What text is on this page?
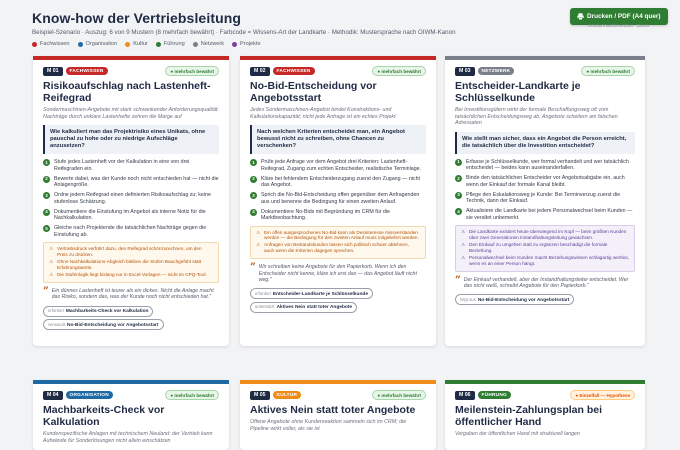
Know-how der Vertriebsleitung
Beispiel-Szenario · Auszug: 6 von 9 Mustern (8 mehrfach bewährt) · Farbcode = Wissens-Art der Landkarte · Methodik: Mustersprache nach OIWM-Kanon
Fachwissen	Organisation	Kultur	Führung	Netzwerk	Projekte
Drucken / PDF (A4 quer)
Sondermaschinenbau · Demo
M 01	FACHWISSEN	● mehrfach bewährt
Risikoaufschlag nach Lastenheft-Reifegrad
Sondermaschinen-Angebote mit stark schwankender Anforderungsqualität: Nachträge durch unklare Lastenhefte zehren die Marge auf
Wie kalkuliert man das Projektrisiko eines Unikats, ohne pauschal zu hohe oder zu niedrige Aufschläge anzusetzen?
1	Stufe jedes Lastenheft vor der Kalkulation in eine von drei Reifegraden ein.
2	Bewerte dabei, was der Kunde noch nicht entschieden hat — nicht die Anlagengröße.
3	Ordne jedem Reifegrad einen definierten Risikoaufschlag zu; keine stufenlose Schätzung.
4	Dokumentiere die Einstufung im Angebot als interne Notiz für die Nachkalkulation.
5	Gleiche nach Projektende die tatsächlichen Nachträge gegen die Einstufung ab.
⚠ Vertriebsdruck verführt dazu, den Reifegrad schönzurechnen, um den Preis zu drücken.
⚠ Ohne Nachkalkulations-Abgleich bleiben die Stufen Bauchgefühl statt Erfahrungswerte.
⚠ Die Stufenlogik liegt bislang nur in Excel-Vorlagen — nicht im CPQ-Tool.
” Ein dünnes Lastenheft ist teurer als ein dickes. Nicht die Anlage macht das Risiko, sondern das, was der Kunde noch nicht entschieden hat."
erfordert Machbarkeits-Check vor Kalkulation
verwandt No-Bid-Entscheidung vor Angebotsstart
M 02	FACHWISSEN	● mehrfach bewährt
No-Bid-Entscheidung vor Angebotsstart
Jedes Sondermaschinen-Angebot bindet Konstruktions- und Kalkulationskapazität; nicht jede Anfrage ist ein echtes Projekt
Nach welchen Kriterien entscheidet man, ein Angebot bewusst nicht zu schreiben, ohne Chancen zu verschenken?
1	Prüfe jede Anfrage vor dem Angebot drei Kriterien: Lastenheft-Reifegrad, Zugang zum echten Entscheider, realistische Terminlage.
2	Kläre bei fehlendem Entscheiderzugang zuerst den Zugang — nicht das Angebot.
3	Sprich die No-Bid-Entscheidung offen gegenüber dem Anfragenden aus und benenne die Bedingung für einen zweiten Anlauf.
4	Dokumentiere No-Bids mit Begründung im CRM für die Marktbeobachtung.
⚠ Ein offen ausgesprochenes No-Bid kann als Desinteresse missverstanden werden — die Bedingung für den zweiten Anlauf muss mitgeliefert werden.
⚠ Anfragen von Bestandskunden lassen sich politisch schwer ablehnen, auch wenn die Kriterien dagegen sprechen.
” Wir schreiben keine Angebote für den Papierkorb. Wenn ich den Entscheider nicht kenne, kläre ich erst das — das Angebot läuft nicht weg."
erfordert Entscheider-Landkarte je Schlüsselkunde
unterstützt Aktives Nein statt toter Angebote
M 03	NETZWERK	● mehrfach bewährt
Entscheider-Landkarte je Schlüsselkunde
Bei Investitionsgütern wirkt der formale Beschaffungsweg oft vom tatsächlichen Entscheidungsweg ab; Angebote scheitern am falschen Adressaten
Wie stellt man sicher, dass ein Angebot die Person erreicht, die tatsächlich über die Investition entscheidet?
1	Erfasse je Schlüsselkunde, wer formal verhandelt und wer tatsächlich entscheidet — beides kann auseinanderfallen.
2	Binde den tatsächlichen Entscheider vor Angebotsabgabe ein, auch wenn der Einkauf der formale Kanal bleibt.
3	Pflege den Eskalationsweg je Kunde: Bei Terminverzug zuerst die Technik, dann der Einkauf.
4	Aktualisiere die Landkarte bei jedem Personalwechsel beim Kunden — sie veraltet unbemerkt.
⚠ Die Landkarte existiert heute überwiegend im Kopf — beim größten Kunden über zwei Generationen Instandhaltungsleitung gewachsen.
⚠ Den Einkauf zu umgehen statt zu ergänzen beschädigt die formale Beziehung.
⚠ Personalwechsel beim Kunden macht Beziehungswissen schlagartig wertlos, wenn es an einer Person hängt.
” Der Einkauf verhandelt, aber der Instandhaltungsleiter entscheidet. Wer das nicht weiß, schreibt Angebote für den Papierkorb."
folgt aus No-Bid-Entscheidung vor Angebotsstart
M 04	ORGANISATION	● mehrfach bewährt
Machbarkeits-Check vor Kalkulation
Kundenspezifische Anlagen mit technischem Neuland: der Vertrieb kann Aufwände für Sonderlösungen nicht allein einschätzen
M 05	KULTUR	● mehrfach bewährt
Aktives Nein statt toter Angebote
Offene Angebote ohne Kundenreaktion sammeln sich im CRM; die Pipeline wirkt voller, als sie ist
M 06	FÜHRUNG	● Einzelfall — Hypothese
Meilenstein-Zahlungsplan bei öffentlicher Hand
Vergaben der öffentlichen Hand mit strukturell langen
